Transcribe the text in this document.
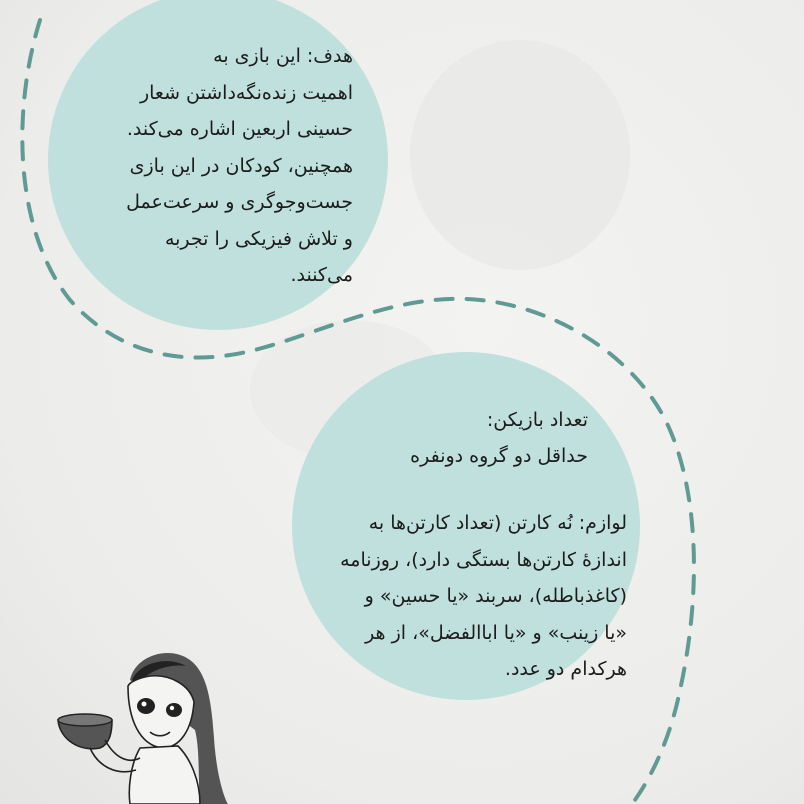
هدف: این بازی به
اهمیت زنده‌نگه‌داشتن شعار
حسینی اربعین اشاره می‌کند.
همچنین، کودکان در این بازی
جست‌وجوگری و سرعت‌عمل
و تلاش فیزیکی را تجربه
می‌کنند.
تعداد بازیکن:
حداقل دو گروه دونفره
لوازم: نُه کارتن (تعداد کارتن‌ها به
اندازهٔ کارتن‌ها بستگی دارد)، روزنامه
(کاغذباطله)، سربند «یا حسین» و
«یا زینب» و «یا اباالفضل»، از هر
هرکدام دو عدد.
